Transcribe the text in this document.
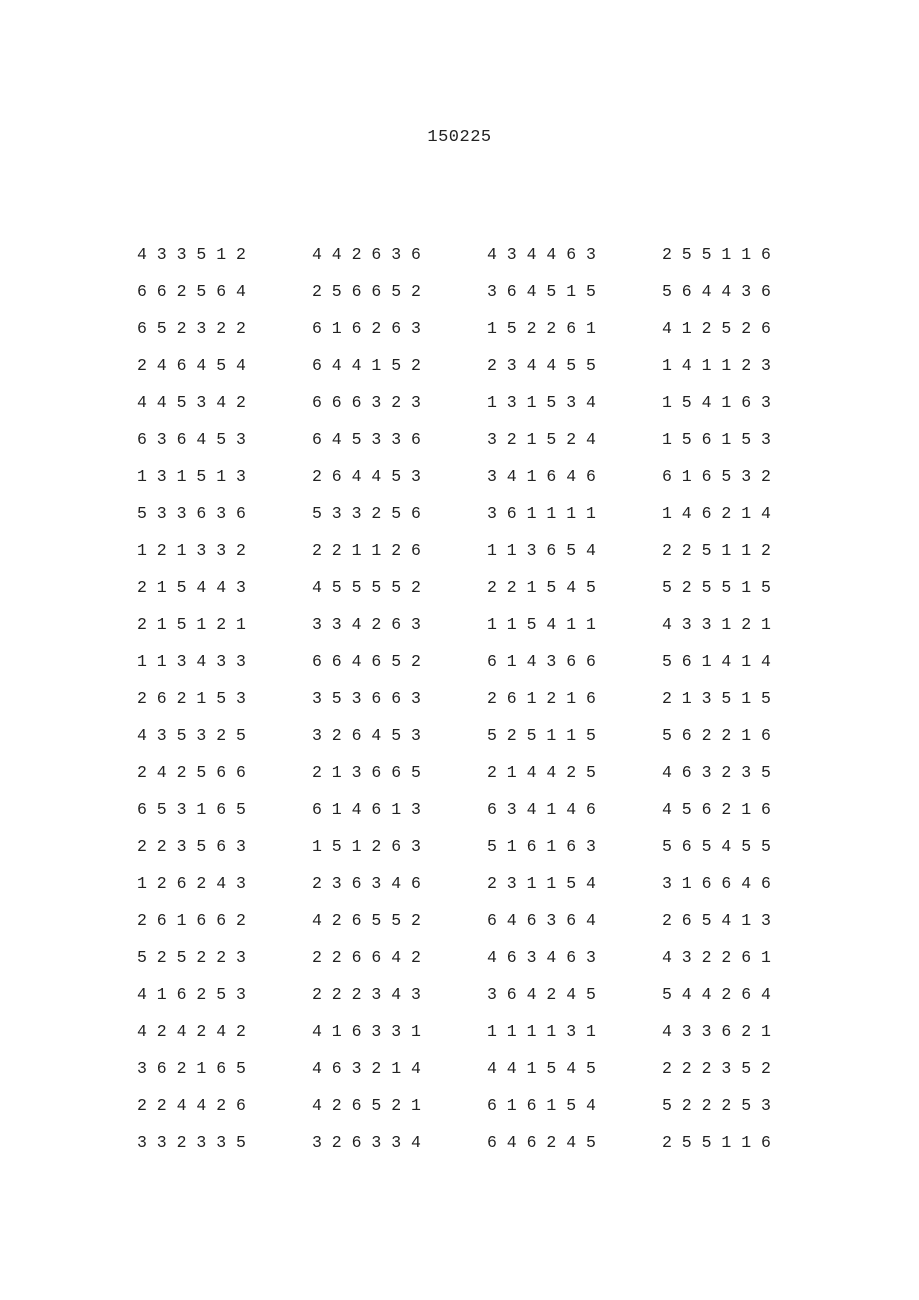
150225
4 3 3 5 1 2	4 4 2 6 3 6	4 3 4 4 6 3	2 5 5 1 1 6
6 6 2 5 6 4	2 5 6 6 5 2	3 6 4 5 1 5	5 6 4 4 3 6
6 5 2 3 2 2	6 1 6 2 6 3	1 5 2 2 6 1	4 1 2 5 2 6
2 4 6 4 5 4	6 4 4 1 5 2	2 3 4 4 5 5	1 4 1 1 2 3
4 4 5 3 4 2	6 6 6 3 2 3	1 3 1 5 3 4	1 5 4 1 6 3
6 3 6 4 5 3	6 4 5 3 3 6	3 2 1 5 2 4	1 5 6 1 5 3
1 3 1 5 1 3	2 6 4 4 5 3	3 4 1 6 4 6	6 1 6 5 3 2
5 3 3 6 3 6	5 3 3 2 5 6	3 6 1 1 1 1	1 4 6 2 1 4
1 2 1 3 3 2	2 2 1 1 2 6	1 1 3 6 5 4	2 2 5 1 1 2
2 1 5 4 4 3	4 5 5 5 5 2	2 2 1 5 4 5	5 2 5 5 1 5
2 1 5 1 2 1	3 3 4 2 6 3	1 1 5 4 1 1	4 3 3 1 2 1
1 1 3 4 3 3	6 6 4 6 5 2	6 1 4 3 6 6	5 6 1 4 1 4
2 6 2 1 5 3	3 5 3 6 6 3	2 6 1 2 1 6	2 1 3 5 1 5
4 3 5 3 2 5	3 2 6 4 5 3	5 2 5 1 1 5	5 6 2 2 1 6
2 4 2 5 6 6	2 1 3 6 6 5	2 1 4 4 2 5	4 6 3 2 3 5
6 5 3 1 6 5	6 1 4 6 1 3	6 3 4 1 4 6	4 5 6 2 1 6
2 2 3 5 6 3	1 5 1 2 6 3	5 1 6 1 6 3	5 6 5 4 5 5
1 2 6 2 4 3	2 3 6 3 4 6	2 3 1 1 5 4	3 1 6 6 4 6
2 6 1 6 6 2	4 2 6 5 5 2	6 4 6 3 6 4	2 6 5 4 1 3
5 2 5 2 2 3	2 2 6 6 4 2	4 6 3 4 6 3	4 3 2 2 6 1
4 1 6 2 5 3	2 2 2 3 4 3	3 6 4 2 4 5	5 4 4 2 6 4
4 2 4 2 4 2	4 1 6 3 3 1	1 1 1 1 3 1	4 3 3 6 2 1
3 6 2 1 6 5	4 6 3 2 1 4	4 4 1 5 4 5	2 2 2 3 5 2
2 2 4 4 2 6	4 2 6 5 2 1	6 1 6 1 5 4	5 2 2 2 5 3
3 3 2 3 3 5	3 2 6 3 3 4	6 4 6 2 4 5	2 5 5 1 1 6
